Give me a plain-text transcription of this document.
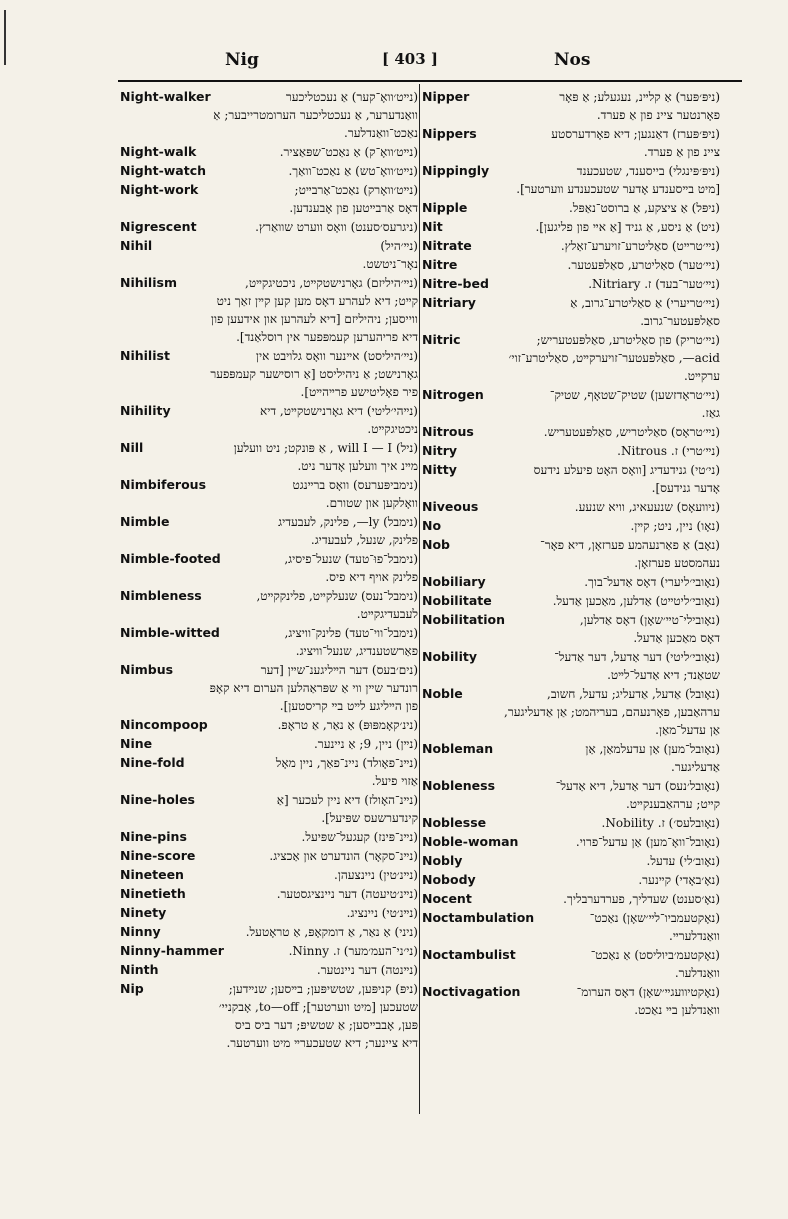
Nig	[ 403 ]	Nos
Night-walker	(נײט׳וואָ־קער) אַ נעכטליכער
וואַנדערער, אַ נעכטליכער הערומטרייבער; אַ
נאַכט־וואַנדלער.
Night-walk	(נײט׳וואָ־ק) אַ נאַכט־שפּאַציר.
Night-watch	(נײט׳וואָ־טש) אַ נאַכט־וואַך.
Night-work	(נײט׳וואָרק) נאַכט־אַרבײט;
דאָס אַרבײטען פון אָבענדען.
Nigrescent	(ניגרעס׳סענט) וואָס ווערט שוואַרץ.
Nihil	(נײ׳היל)
נאָר־ניטשט.
Nihilism	(נײ׳היליזם) גאָרנישטקײט, ניכטיגקײט,
קײט; דיא לעהרע דאָס מען קען קײן זאַך ניט
ווייסען; ניהיליזם [דיא לעהרען און אידעען פון
דיא פריהערען קעמפּפער אין רוסלאַנד].
Nihilist	(נײ׳היליסט) אײנער וואָס גלויבט אין
גאָרנישט; אַ ניהיליסט [אַ רוסישער קעמפּפער
פיר פאָליטישע פרײהײט].
Nihility	(נײהי׳ליטי) דיא גאָרנישטקײט, דיא
ניכטיגקײט.
Nill	(ניל) will I — I , אַ פּונקט; ניט וועלען
מײנ איך וועלען אָדער ניט.
Nimbiferous	(נימביפּערעס) וואָס ברײנגט
וואָלקען און שטורם.
Nimble	(נימבל) ly—, פלינק, לעבעדיג
פלינק, שנעל, לעבעדיג.
Nimble-footed	(נימבל־פוּ־טעד) שנעל־פיסיג,
פלינק אויף דיא פיס.
Nimbleness	(נימבל־נעס) שנעלקײט, פלינקקײט,
לעבעדיגקײט.
Nimble-witted	(נימבל־ווי־טעד) פלינק־וויציג,
פאַרשטענדיג, שנעל־וויציג.
Nimbus	(נים׳בעס) דער הײליגענ־שײן [דער
רונדער שײן ווי אַ שפּראַהלען הערום דיא קאָפּ
פון הײליגע לײט בײ קריסטען].
Nincompoop	(נינ׳קאָמפּוּפּ) אַ נאַר, אַ טראָפּ.
Nine	(נײן) ניין, 9; אַ ניינער.
Nine-fold	(נײנ־פאָולד) ניינ־פאַך, ניין מאָל
אַזוי פיעל.
Nine-holes	(נײנ־האָולז) דיא ניין לעכער [אַ
קינדערשעס שפּיעל].
Nine-pins	(נײנ־פּינז) קעגעל־שפּיעל.
Nine-score	(נײנ־סקאָר) הונדערט און אַכציג.
Nineteen	(נײנ׳טין) ניינצעהן.
Ninetieth	(נײנ׳טיעטה) דער ניינציגסטער.
Ninety	(נײנ׳טי) ניינציג.
Ninny	(ניני) אַ נאַר, אַ דומקאָפּ, אַ טראָטעל.
Ninny-hammer	(ני׳ני־העמ׳מער) ז. Ninny.
Ninth	(נײנטה) דער ניינטער.
Nip	(ניפּ) קניפּען, שטשיפּען; בײסען; שנײדען;
שטעכען [מיט ווערטער]; to—off, אָבקניי׳
פּען, אָבבײסען; אַ שטשיפּ; דער ביס ביס
דיא ציינער; דיא שטעכערײ מיט ווערטער.
Nipper	(ניפּ׳פּער) אַ קלײנ, נעגעלע; אַ פּאָר
פאָרנטער ציינ פון אַ פערד.
Nippers	(ניפּ׳פּערז) דאַנגען; דיא פאָרדערסטע
ציינ פון אַ פערד.
Nippingly	(ניפּ׳פּינגלי) בייסענד, שטעכענד
[מיט בײסענדע אָדער שטעכענדע ווערטער].
Nipple	(ניפּל) אַ ציצקע, אַ ברוסט־נאַפּל.
Nit	(ניט) אַ ניסע, אַ גניד [אַ אײ פון פליגען].
Nitrate	(נײ׳טרײט) סאַליטרע־זויערע־זאַלץ.
Nitre	(נײ׳טער) סאַליטרע, סאַלפּעטער.
Nitre-bed	(נײ׳טער־בעד) ז. Nitriary.
Nitriary	(נײ׳טריערי) אַ סאַליטרע־גרוב, אַ
סאַלפּעטער־גרוב.
Nitric	(נײ׳טריק) פון סאַליטרע, סאַלפּעטעריש;
acid—, סאַלפּעטער־זויערקײט, סאַליטרע־זוי׳
ערקײט.
Nitrogen	(נײ׳טראָדזשען) שטיק־שטאָף, שטיק־
גאַז.
Nitrous	(נײ׳טראָס) סאַליטריש, סאַלפּעטעריש.
Nitry	(נײ׳טרי) ז. Nitrous.
Nitty	(ני׳טי) גנידעדיג [וואָס האָט פיעלע נידעס
אָדער גנידעס].
Niveous	(ניוועאָס) שנעעאיג, וויא שנעע.
No	(נאָו) ניין, ניט; קײן.
Nob	(נאָב) אַ פאַרנעהמע פערזאָן, דיא פאָר־
נעהמסטע פערזאָן.
Nobiliary	(נאָובי׳ליערי) דאָס אַדעל־בוך.
Nobilitate	(נאָובי׳ליטײט) אַדלען, מאַכען אַדעל.
Nobilitation	(נאָובילי־טײ׳שאָן) דאָס אַדלען,
דאָס מאַכען אַדעל.
Nobility	(נאָובי׳ליטי) דער אַדעל, דער אַדעל־
שטאַנד; דיא אַדעל־לײט.
Noble	(נאָובל) אַדעל, אַדעליג; עדעל, חשוב,
ערהאַבען, פאָרנעהם, בעריהמט; אַן אַדעליגער,
אַן עדעל־מאַן.
Nobleman	(נאָובל־מען) אַן עדעלמאַן, אַן
אַדעליגער.
Nobleness	(נאָובל׳נעס) דער אַדעל, דיא אַדעל־
קײט; ערהאַבענקײט.
Noblesse	(נאָובלעס׳) ז. Nobility.
Noble-woman	(נאָובל־וואָ־מען) אַן עדעל־פרוי.
Nobly	(נאָוב׳לי) עדעל.
Nobody	(נאָ׳באָדי) קײנער.
Nocent	(נאָ׳סענט) שעדליך, פערדערבליך.
Noctambulation	(נאָקטעמביו־לײ׳שאָן) נאַכט־
וואַנדלערײ.
Noctambulist	(נאָקטעמ׳ביוליסט) אַ נאַכט־
וואַנדלער.
Noctivagation	(נאָקטיוועגײ׳שאָן) דאָס הערומ־
וואַנדלען בײ נאַכט.
